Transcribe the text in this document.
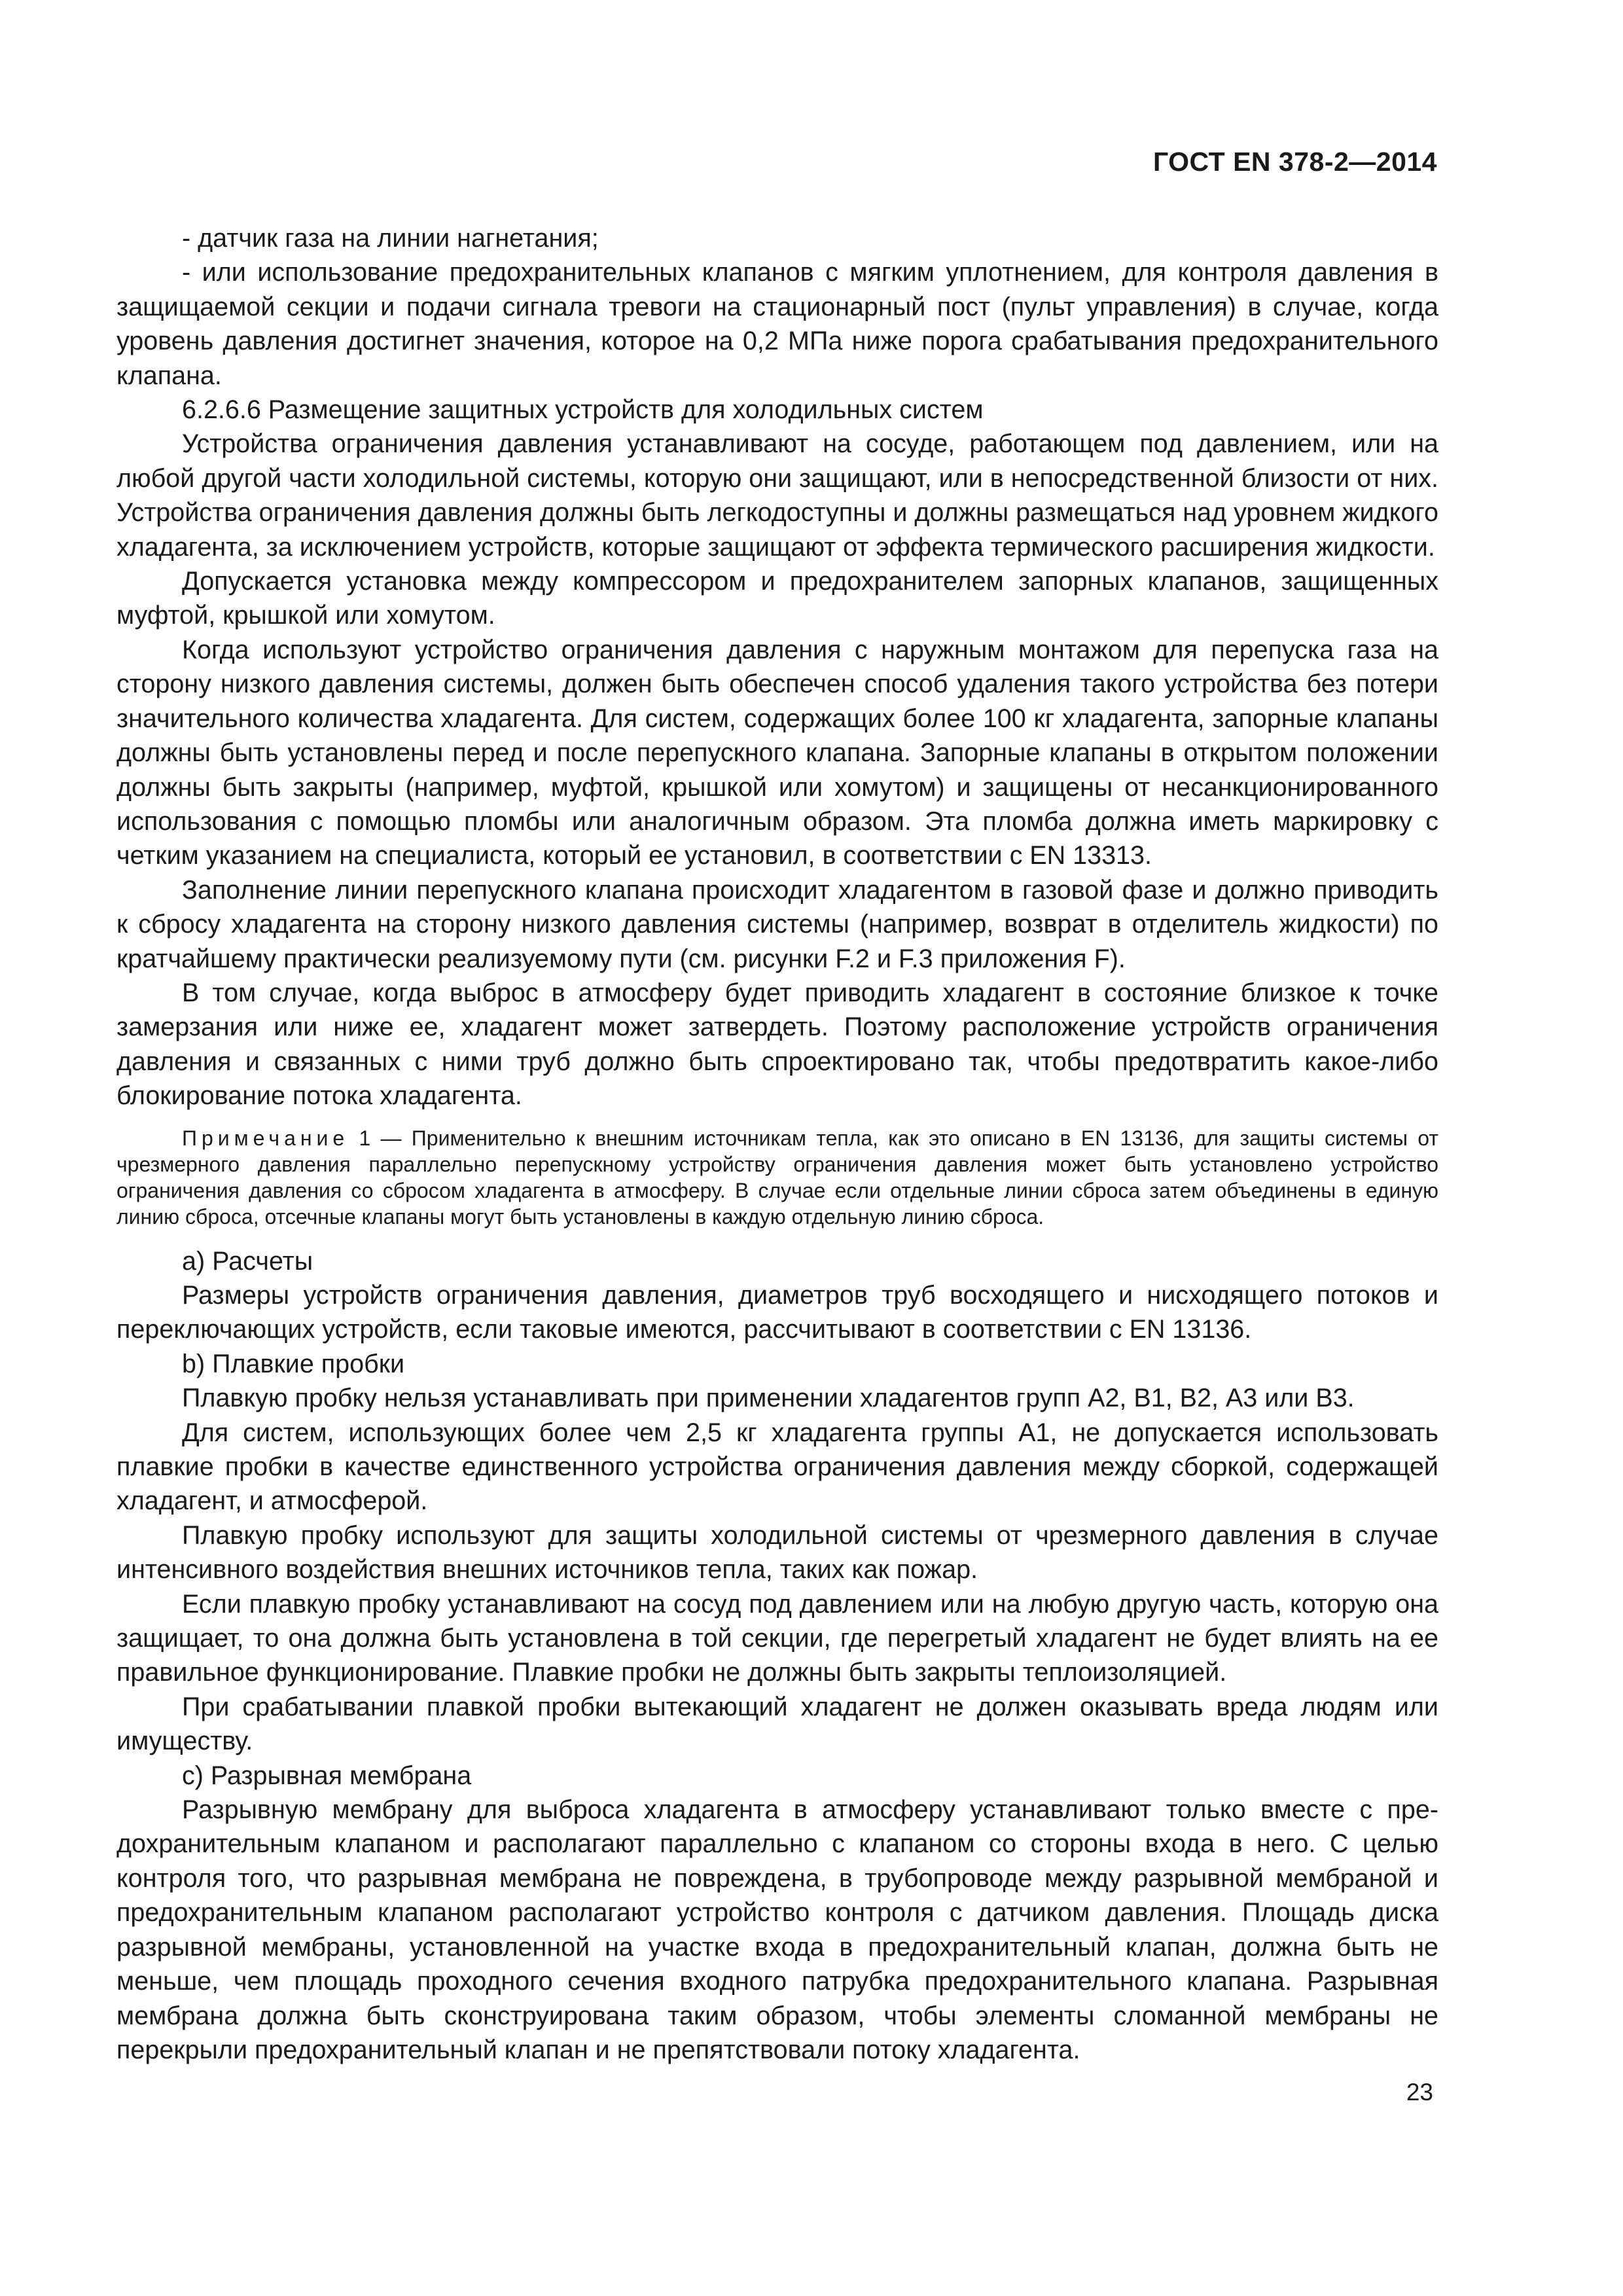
ГОСТ EN 378-2—2014

- датчик газа на линии нагнетания;

- или использование предохранительных клапанов с мягким уплотнением, для контроля давления в защищаемой секции и подачи сигнала тревоги на стационарный пост (пульт управления) в случае, когда уровень давления достигнет значения, которое на 0,2 МПа ниже порога срабатывания предохранительного клапана.

6.2.6.6 Размещение защитных устройств для холодильных систем

Устройства ограничения давления устанавливают на сосуде, работающем под давлением, или на любой другой части холодильной системы, которую они защищают, или в непосредственной близости от них. Устройства ограничения давления должны быть легкодоступны и должны размещаться над уровнем жидкого хладагента, за исключением устройств, которые защищают от эффекта термического расширения жидкости.

Допускается установка между компрессором и предохранителем запорных клапанов, защищенных муфтой, крышкой или хомутом.

Когда используют устройство ограничения давления с наружным монтажом для перепуска газа на сторону низкого давления системы, должен быть обеспечен способ удаления такого устройства без потери значительного количества хладагента. Для систем, содержащих более 100 кг хладагента, запорные клапаны должны быть установлены перед и после перепускного клапана. Запорные клапаны в открытом положении должны быть закрыты (например, муфтой, крышкой или хомутом) и защищены от несанкционированного использования с помощью пломбы или аналогичным образом. Эта пломба должна иметь маркировку с четким указанием на специалиста, который ее установил, в соответствии с EN 13313.

Заполнение линии перепускного клапана происходит хладагентом в газовой фазе и должно приводить к сбросу хладагента на сторону низкого давления системы (например, возврат в отделитель жидкости) по кратчайшему практически реализуемому пути (см. рисунки F.2 и F.3 приложения F).

В том случае, когда выброс в атмосферу будет приводить хладагент в состояние близкое к точке замерзания или ниже ее, хладагент может затвердеть. Поэтому расположение устройств ограничения давления и связанных с ними труб должно быть спроектировано так, чтобы предотвратить какое-либо блокирование потока хладагента.

Примечание 1 — Применительно к внешним источникам тепла, как это описано в EN 13136, для защиты системы от чрезмерного давления параллельно перепускному устройству ограничения давления может быть установлено устройство ограничения давления со сбросом хладагента в атмосферу. В случае если отдельные линии сброса затем объединены в единую линию сброса, отсечные клапаны могут быть установлены в каждую отдельную линию сброса.

a) Расчеты

Размеры устройств ограничения давления, диаметров труб восходящего и нисходящего потоков и переключающих устройств, если таковые имеются, рассчитывают в соответствии с EN 13136.

b) Плавкие пробки

Плавкую пробку нельзя устанавливать при применении хладагентов групп А2, В1, В2, А3 или В3.

Для систем, использующих более чем 2,5 кг хладагента группы А1, не допускается использовать плавкие пробки в качестве единственного устройства ограничения давления между сборкой, содержащей хладагент, и атмосферой.

Плавкую пробку используют для защиты холодильной системы от чрезмерного давления в случае интенсивного воздействия внешних источников тепла, таких как пожар.

Если плавкую пробку устанавливают на сосуд под давлением или на любую другую часть, которую она защищает, то она должна быть установлена в той секции, где перегретый хладагент не будет влиять на ее правильное функционирование. Плавкие пробки не должны быть закрыты теплоизоляцией.

При срабатывании плавкой пробки вытекающий хладагент не должен оказывать вреда людям или имуществу.

c) Разрывная мембрана

Разрывную мембрану для выброса хладагента в атмосферу устанавливают только вместе с предохранительным клапаном и располагают параллельно с клапаном со стороны входа в него. С целью контроля того, что разрывная мембрана не повреждена, в трубопроводе между разрывной мембраной и предохранительным клапаном располагают устройство контроля с датчиком давления. Площадь диска разрывной мембраны, установленной на участке входа в предохранительный клапан, должна быть не меньше, чем площадь проходного сечения входного патрубка предохранительного клапана. Разрывная мембрана должна быть сконструирована таким образом, чтобы элементы сломанной мембраны не перекрыли предохранительный клапан и не препятствовали потоку хладагента.

23
